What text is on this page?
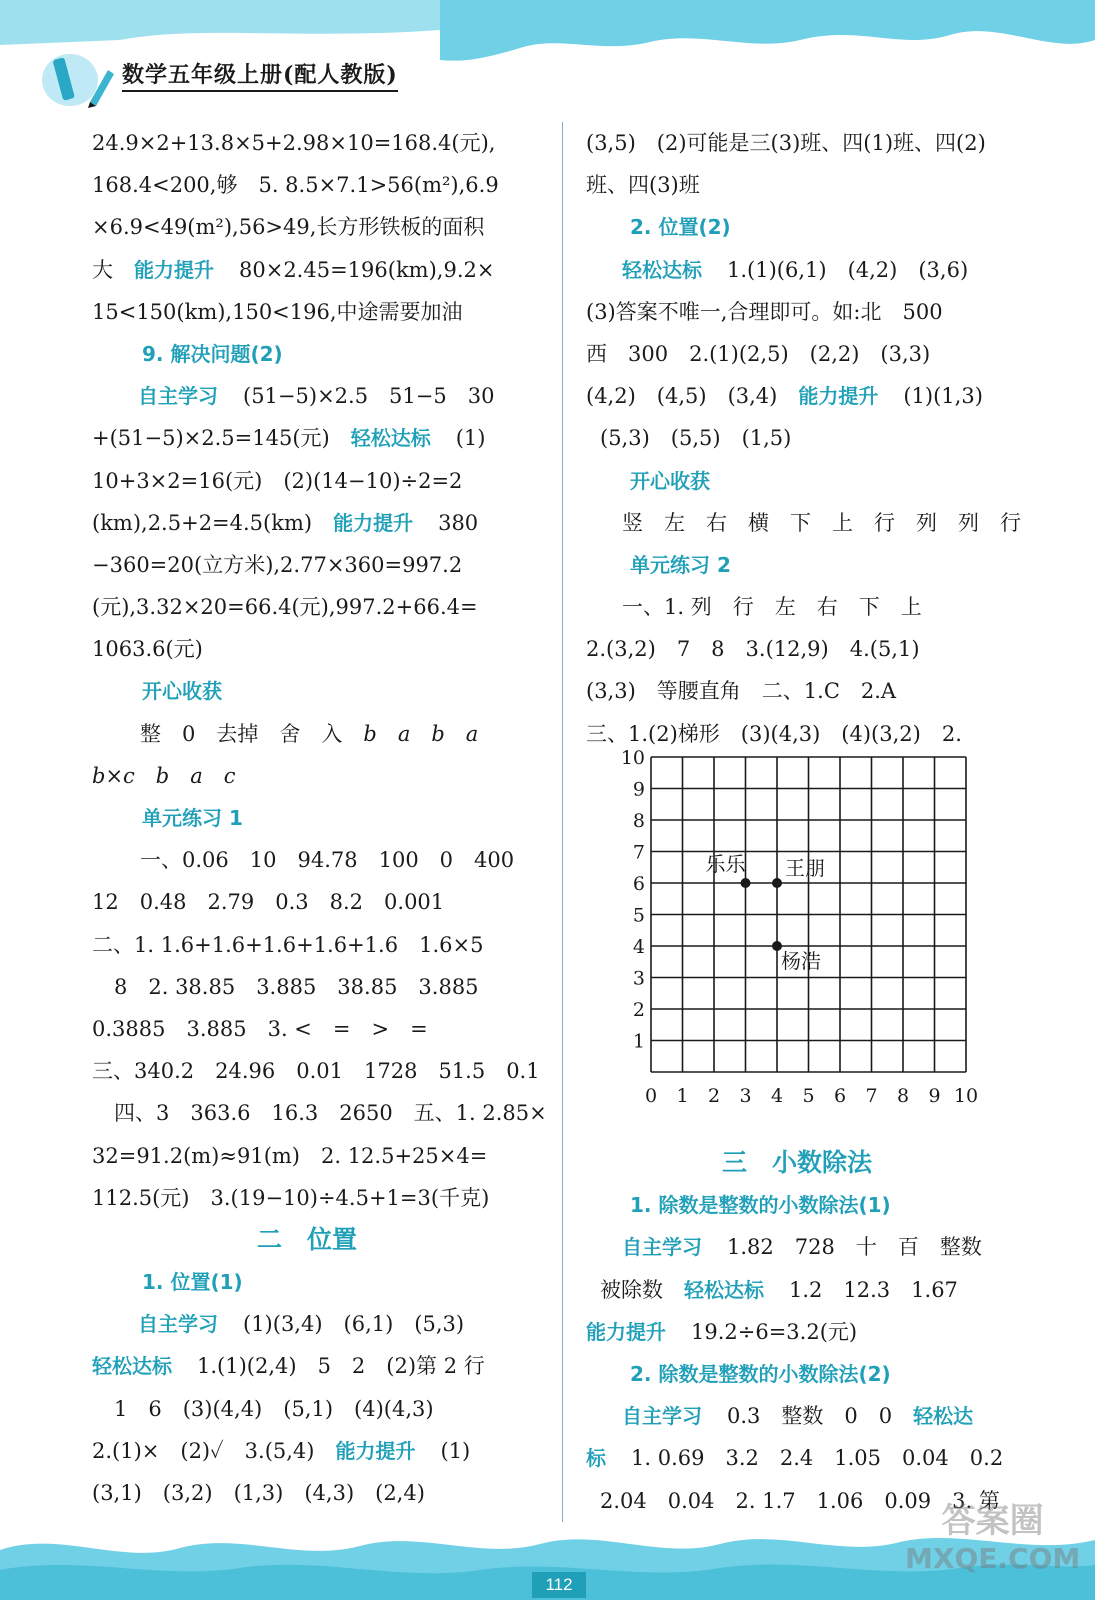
数学五年级上册(配人教版)
24.9×2+13.8×5+2.98×10=168.4(元),
168.4<200,够　5. 8.5×7.1>56(m²),6.9
×6.9<49(m²),56>49,长方形铁板的面积
大　 能力提升　 80×2.45=196(km),9.2×
15<150(km),150<196,中途需要加油
9. 解决问题(2)
自主学习　 (51−5)×2.5　51−5　30
+(51−5)×2.5=145(元)　 轻松达标　 (1)
10+3×2=16(元)　(2)(14−10)÷2=2
(km),2.5+2=4.5(km)　 能力提升　 380
−360=20(立方米),2.77×360=997.2
(元),3.32×20=66.4(元),997.2+66.4=
1063.6(元)
开心收获
整　0　去掉　舍　入　 b　a　b　a
b×c　b　a　c
单元练习 1
一、0.06　10　94.78　100　0　400
12　0.48　2.79　0.3　8.2　0.001
二、1. 1.6+1.6+1.6+1.6+1.6　1.6×5
8　2. 38.85　3.885　38.85　3.885
0.3885　3.885　3. <　=　>　=
三、340.2　24.96　0.01　1728　51.5　0.1
四、3　363.6　16.3　2650　五、1. 2.85×
32=91.2(m)≈91(m)　2. 12.5+25×4=
112.5(元)　3.(19−10)÷4.5+1=3(千克)
二　位置
1. 位置(1)
自主学习　 (1)(3,4)　(6,1)　(5,3)
轻松达标　 1.(1)(2,4)　5　2　(2)第 2 行
1　6　(3)(4,4)　(5,1)　(4)(4,3)
2.(1)×　(2)✓　3.(5,4)　 能力提升　 (1)
(3,1)　(3,2)　(1,3)　(4,3)　(2,4)
(3,5)　(2)可能是三(3)班、四(1)班、四(2)
班、四(3)班
2. 位置(2)
轻松达标　 1.(1)(6,1)　(4,2)　(3,6)
(3)答案不唯一,合理即可。如:北　500
西　300　2.(1)(2,5)　(2,2)　(3,3)
(4,2)　(4,5)　(3,4)　 能力提升　 (1)(1,3)
(5,3)　(5,5)　(1,5)
开心收获
竖　左　右　横　下　上　行　列　列　行
单元练习 2
一、1. 列　行　左　右　下　上
2.(3,2)　7　8　3.(12,9)　4.(5,1)
(3,3)　等腰直角　二、1.C　2.A
三、1.(2)梯形　(3)(4,3)　(4)(3,2)　2.
10
9
8
7
6
5
4
3
2
1
0 1 2 3 4 5 6 7 8 9 10
乐乐 王朋
杨浩
三　小数除法
1. 除数是整数的小数除法(1)
自主学习　 1.82　728　十　百　整数
被除数　 轻松达标　 1.2　12.3　1.67
能力提升　 19.2÷6=3.2(元)
2. 除数是整数的小数除法(2)
自主学习　 0.3　整数　0　0　 轻松达
标　 1. 0.69　3.2　2.4　1.05　0.04　0.2
2.04　0.04　2. 1.7　1.06　0.09　3. 第
112
答案圈
MXQE.COM
